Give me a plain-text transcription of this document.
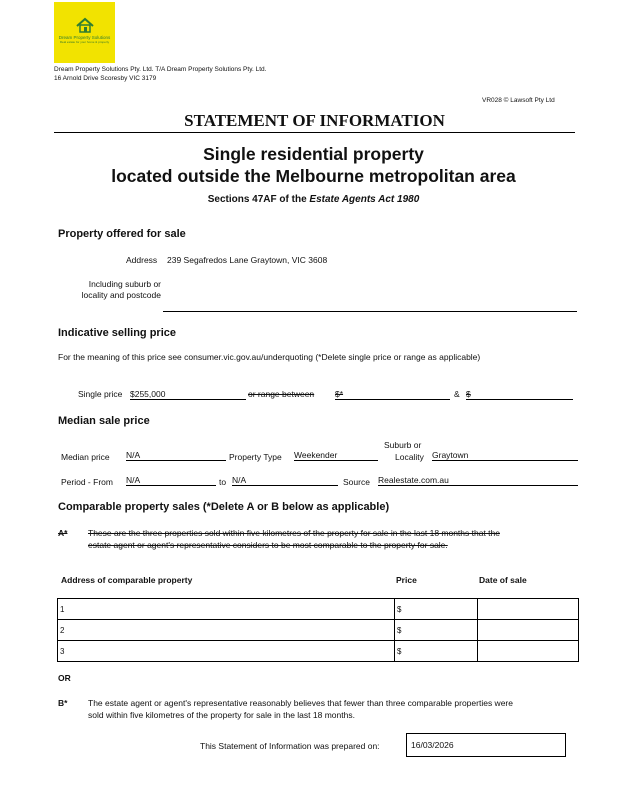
Dream Property Solutions
Real estate for your home & property
Dream Property Solutions Pty. Ltd. T/A Dream Property Solutions Pty. Ltd.
16 Arnold Drive Scoresby VIC 3179
VR028 © Lawsoft Pty Ltd
STATEMENT OF INFORMATION
Single residential property
located outside the Melbourne metropolitan area
Sections 47AF of the Estate Agents Act 1980
Property offered for sale
Address 239 Segafredos Lane Graytown, VIC 3608
Including suburb or
locality and postcode
Indicative selling price
For the meaning of this price see consumer.vic.gov.au/underquoting (*Delete single price or range as applicable)
Single price $255,000	or range between $*	& $
Median sale price
Median price N/A	Property Type Weekender
Suburb or
Locality Graytown
Period - From N/A	to N/A	Source Realestate.com.au
Comparable property sales (*Delete A or B below as applicable)
A* These are the three properties sold within five kilometres of the property for sale in the last 18 months that the
estate agent or agent's representative considers to be most comparable to the property for sale.
Address of comparable property	Price	Date of sale
1	$	
2	$	
3	$	
OR
B* The estate agent or agent's representative reasonably believes that fewer than three comparable properties were
sold within five kilometres of the property for sale in the last 18 months.
This Statement of Information was prepared on:	16/03/2026
